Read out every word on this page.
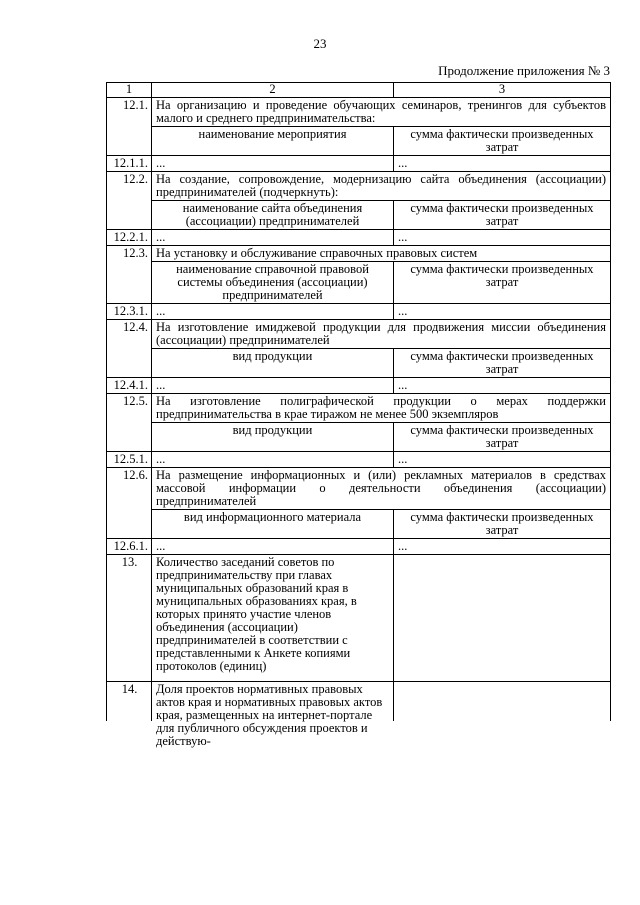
23
Продолжение приложения № 3
1	2	3
12.1.	На организацию и проведение обучающих семинаров, тренингов для субъектов малого и среднего предпринимательства:	
	наименование мероприятия	сумма фактически произведенных затрат
12.1.1.	...	...
12.2.	На создание, сопровождение, модернизацию сайта объединения (ассоциации) предпринимателей (подчеркнуть):	
	наименование сайта объединения (ассоциации) предпринимателей	сумма фактически произведенных затрат
12.2.1.	...	...
12.3.	На установку и обслуживание справочных правовых систем	
	наименование справочной правовой системы объединения (ассоциации) предпринимателей	сумма фактически произведенных затрат
12.3.1.	...	...
12.4.	На изготовление имиджевой продукции для продвижения миссии объединения (ассоциации) предпринимателей	
	вид продукции	сумма фактически произведенных затрат
12.4.1.	...	...
12.5.	На изготовление полиграфической продукции о мерах поддержки предпринимательства в крае тиражом не менее 500 экземпляров	
	вид продукции	сумма фактически произведенных затрат
12.5.1.	...	...
12.6.	На размещение информационных и (или) рекламных материалов в средствах массовой информации о деятельности объединения (ассоциации) предпринимателей	
	вид информационного материала	сумма фактически произведенных затрат
12.6.1.	...	...
13.	Количество заседаний советов по предпринимательству при главах муниципальных образований края в муниципальных образованиях края, в которых принято участие членов объединения (ассоциации) предпринимателей в соответствии с представленными к Анкете копиями протоколов (единиц)	

14.	Доля проектов нормативных правовых актов края и нормативных правовых актов края, размещенных на интернет-портале для публичного обсуждения проектов и действую-	
